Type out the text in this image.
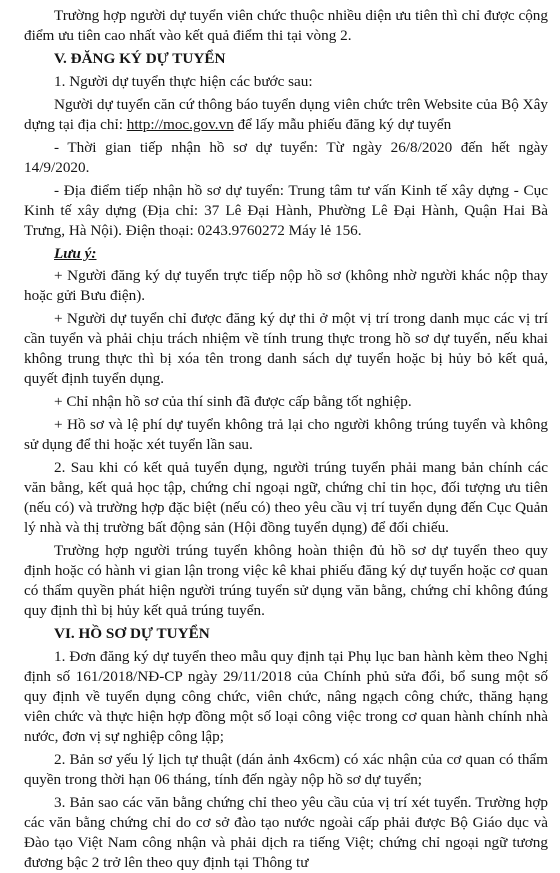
Trường hợp người dự tuyển viên chức thuộc nhiều diện ưu tiên thì chỉ được cộng điểm ưu tiên cao nhất vào kết quả điểm thi tại vòng 2.

V. ĐĂNG KÝ DỰ TUYỂN

1. Người dự tuyển thực hiện các bước sau:

Người dự tuyển căn cứ thông báo tuyển dụng viên chức trên Website của Bộ Xây dựng tại địa chỉ: http://moc.gov.vn để lấy mẫu phiếu đăng ký dự tuyển

- Thời gian tiếp nhận hồ sơ dự tuyển: Từ ngày 26/8/2020 đến hết ngày 14/9/2020.

- Địa điểm tiếp nhận hồ sơ dự tuyển: Trung tâm tư vấn Kinh tế xây dựng - Cục Kinh tế xây dựng (Địa chỉ: 37 Lê Đại Hành, Phường Lê Đại Hành, Quận Hai Bà Trưng, Hà Nội). Điện thoại: 0243.9760272 Máy lẻ 156.

Lưu ý:

+ Người đăng ký dự tuyển trực tiếp nộp hồ sơ (không nhờ người khác nộp thay hoặc gửi Bưu điện).

+ Người dự tuyển chỉ được đăng ký dự thi ở một vị trí trong danh mục các vị trí cần tuyển và phải chịu trách nhiệm về tính trung thực trong hồ sơ dự tuyển, nếu khai không trung thực thì bị xóa tên trong danh sách dự tuyển hoặc bị hủy bỏ kết quả, quyết định tuyển dụng.

+ Chỉ nhận hồ sơ của thí sinh đã được cấp bằng tốt nghiệp.

+ Hồ sơ và lệ phí dự tuyển không trả lại cho người không trúng tuyển và không sử dụng để thi hoặc xét tuyển lần sau.

2. Sau khi có kết quả tuyển dụng, người trúng tuyển phải mang bản chính các văn bằng, kết quả học tập, chứng chỉ ngoại ngữ, chứng chỉ tin học, đối tượng ưu tiên (nếu có) và trường hợp đặc biệt (nếu có) theo yêu cầu vị trí tuyển dụng đến Cục Quản lý nhà và thị trường bất động sản (Hội đồng tuyển dụng) để đối chiếu.

Trường hợp người trúng tuyển không hoàn thiện đủ hồ sơ dự tuyển theo quy định hoặc có hành vi gian lận trong việc kê khai phiếu đăng ký dự tuyển hoặc cơ quan có thẩm quyền phát hiện người trúng tuyển sử dụng văn bằng, chứng chỉ không đúng quy định thì bị hủy kết quả trúng tuyển.

VI. HỒ SƠ DỰ TUYỂN

1. Đơn đăng ký dự tuyển theo mẫu quy định tại Phụ lục ban hành kèm theo Nghị định số 161/2018/NĐ-CP ngày 29/11/2018 của Chính phủ sửa đổi, bổ sung một số quy định về tuyển dụng công chức, viên chức, nâng ngạch công chức, thăng hạng viên chức và thực hiện hợp đồng một số loại công việc trong cơ quan hành chính nhà nước, đơn vị sự nghiệp công lập;

2. Bản sơ yếu lý lịch tự thuật (dán ảnh 4x6cm) có xác nhận của cơ quan có thẩm quyền trong thời hạn 06 tháng, tính đến ngày nộp hồ sơ dự tuyển;

3. Bản sao các văn bằng chứng chỉ theo yêu cầu của vị trí xét tuyển. Trường hợp các văn bằng chứng chỉ do cơ sở đào tạo nước ngoài cấp phải được Bộ Giáo dục và Đào tạo Việt Nam công nhận và phải dịch ra tiếng Việt; chứng chỉ ngoại ngữ tương đương bậc 2 trở lên theo quy định tại Thông tư
